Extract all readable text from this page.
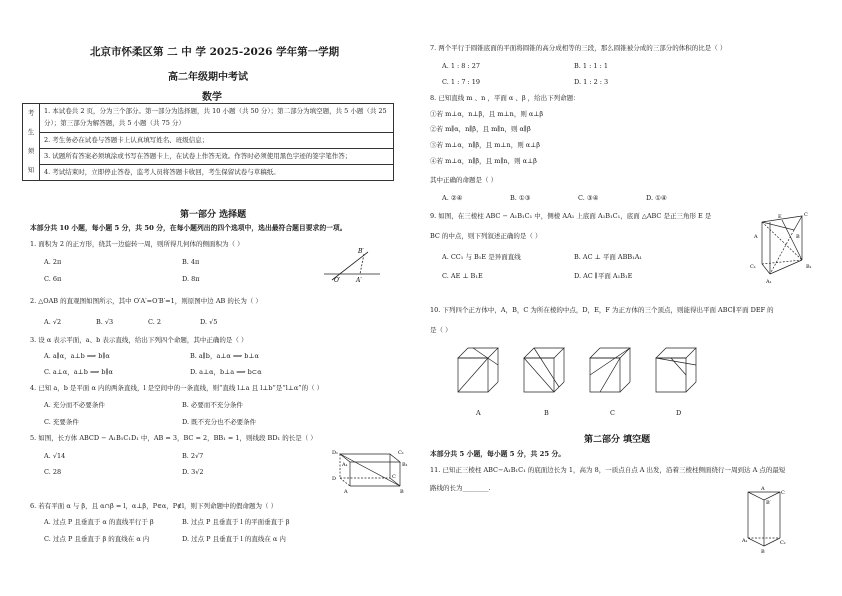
北京市怀柔区第 二 中 学 2025-2026 学年第一学期
高二年级期中考试
数学
考
生
须
知
	1. 本试卷共 2 页，分为三个部分。第一部分为选择题，共 10 小题（共 50 分）；第二部分为填空题，共 5 小题（共 25 分）；第三部分为解答题，共 5 小题（共 75 分）
2. 考生务必在试卷与答题卡上认真填写姓名、班级信息；
3. 试题所有答案必须填涂或书写在答题卡上，在试卷上作答无效。作答时必须使用黑色字迹的签字笔作答；
4. 考试结束时，立即停止答卷，监考人员将答题卡收回，考生保留试卷与草稿纸。
第一部分 选择题
本部分共 10 小题，每小题 5 分，共 50 分，在每小题列出的四个选项中，选出最符合题目要求的一项。
1. 面积为 2 的正方形，绕其一边旋转一周，则所得几何体的侧面积为（ ）
A. 2π	B. 4π
C. 6π	D. 8π
B′
O′	A′
2. △OAB 的直观图如图所示，其中 O′A′=O′B′=1，则原图中边 AB 的长为（ ）
A. √2	B. √3	C. 2	D. √5
3. 设 α 表示平面，a、b 表示直线，给出下列四个命题，其中正确的是（ ）
A. a∥α，a⊥b ⟹ b∥α	B. a∥b，a⊥α ⟹ b⊥α
C. a⊥α，a⊥b ⟹ b∥α	D. a⊥α，b⊥a ⟹ b⊂α
4. 已知 a，b 是平面 α 内的两条直线，l 是空间中的一条直线，则“直线 l⊥a 且 l⊥b”是“l⊥α”的（ ）
A. 充分而不必要条件	B. 必要而不充分条件
C. 充要条件	D. 既不充分也不必要条件
5. 如图，长方体 ABCD − A₁B₁C₁D₁ 中，AB = 3，BC = 2，BB₁ = 1，则线段 BD₁ 的长是（ ）
A. √14	B. 2√7
C. 28	D. 3√2
D₁	C₁
A₁	B₁
D	C
A	B
6. 若有平面 α 与 β，且 α∩β = l，α⊥β，P∈α，P∉l，则下列命题中的假命题为（ ）
A. 过点 P 且垂直于 α 的直线平行于 β	B. 过点 P 且垂直于 l 的平面垂直于 β
C. 过点 P 且垂直于 β 的直线在 α 内	D. 过点 P 且垂直于 l 的直线在 α 内
7. 两个平行于圆锥底面的平面将圆锥的高分成相等的三段，那么圆锥被分成的三部分的体积的比是（ ）
A. 1 : 8 : 27	B. 1 : 1 : 1
C. 1 : 7 : 19	D. 1 : 2 : 3
8. 已知直线 m 、n ，平面 α 、β ，给出下列命题：
①若 m⊥α，n⊥β，且 m⊥n，则 α⊥β
②若 m∥α，n∥β，且 m∥n，则 α∥β
③若 m⊥α，n∥β，且 m⊥n，则 α⊥β
④若 m⊥α，n∥β，且 m∥n，则 α⊥β
其中正确的命题是（ ）
A. ②④	B. ①③	C. ③④	D. ①④
9. 如图，在三棱柱 ABC − A₁B₁C₁ 中，侧棱 AA₁ 上底面 A₁B₁C₁，底面 △ABC 是正三角形 E 是
BC 的中点，则下列叙述正确的是（ ）
A. CC₁ 与 B₁E 是异面直线	B. AC ⊥ 平面 ABB₁A₁
C. AE ⊥ B₁E	D. AC ∥平面 A₁B₁E
A
E	C
B
C₁	B₁
A₁
10. 下列四个正方体中，A，B，C 为所在棱的中点，D，E，F 为正方体的三个顶点，则能得出平面 ABC∥平面 DEF 的
是（ ）
A	B	C	D
第二部分 填空题
本部分共 5 小题，每小题 5 分，共 25 分。
11. 已知正三棱柱 ABC−A₁B₁C₁ 的底面边长为 1，高为 8，一质点自点 A 出发，沿着三棱柱侧面绕行一周到达 A 点的最短
路线的长为________.	A
B′
C
A₁
B
C₁
